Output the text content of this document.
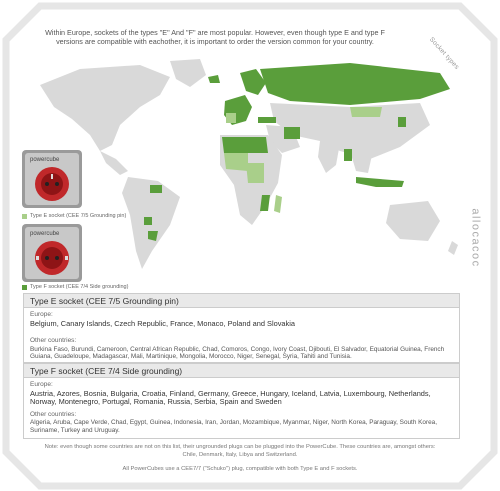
Within Europe, sockets of the types "E" And "F" are most popular. However, even though type E and type F versions are compatible with eachother, it is important to order the version common for your country.	Socket types
allocacoc
powercube
Type E socket (CEE 7/5 Grounding pin)
powercube
Type F socket (CEE 7/4 Side grounding)
Type E socket (CEE 7/5 Grounding pin)
Europe:
Belgium, Canary Islands, Czech Republic, France, Monaco, Poland and Slovakia
Other countries:
Burkina Faso, Burundi, Cameroon, Central African Republic, Chad, Comoros, Congo, Ivory Coast, Djibouti, El Salvador, Equatorial Guinea, French Guiana, Guadeloupe, Madagascar, Mali, Martinique, Mongolia, Morocco, Niger, Senegal, Syria, Tahiti and Tunisia.
Type F socket (CEE 7/4 Side grounding)
Europe:
Austria, Azores, Bosnia, Bulgaria, Croatia, Finland, Germany, Greece, Hungary, Iceland, Latvia, Luxembourg, Netherlands, Norway, Montenegro, Portugal, Romania, Russia, Serbia, Spain and Sweden
Other countries:
Algeria, Aruba, Cape Verde, Chad, Egypt, Guinea, Indonesia, Iran, Jordan, Mozambique, Myanmar, Niger, North Korea, Paraguay, South Korea, Suriname, Turkey and Uruguay.
Note: even though some countries are not on this list, their ungrounded plugs can be plugged into the PowerCube. These countries are, amongst others: Chile, Denmark, Italy, Libya and Switzerland.
All PowerCubes use a CEE7/7 ("Schuko") plug, compatible with both Type E and F sockets.
